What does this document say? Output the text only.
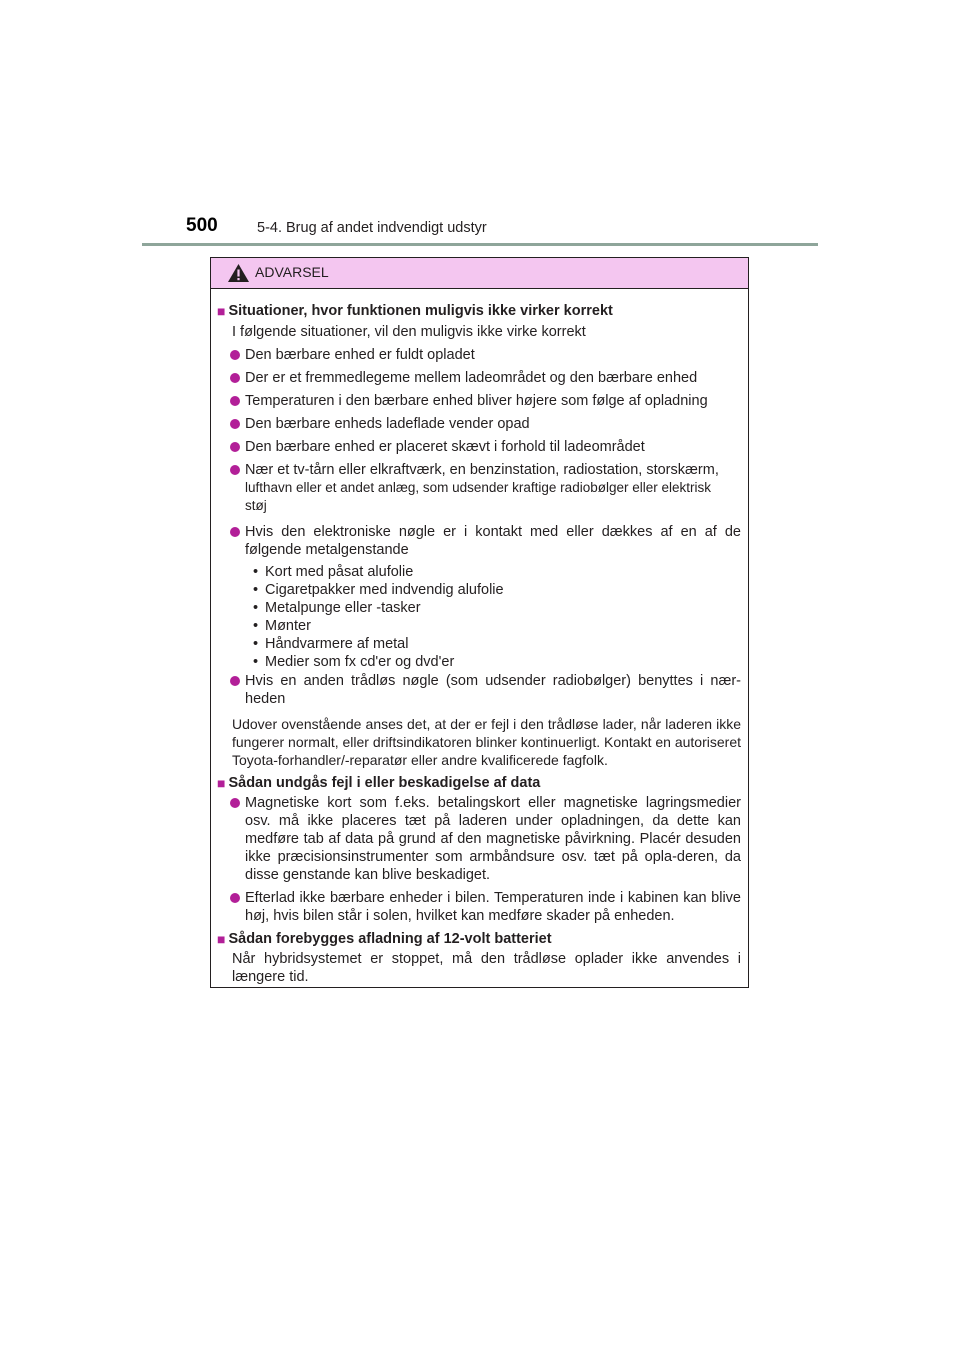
500	5-4. Brug af andet indvendigt udstyr
ADVARSEL
■ Situationer, hvor funktionen muligvis ikke virker korrekt
I følgende situationer, vil den muligvis ikke virke korrekt
Den bærbare enhed er fuldt opladet
Der er et fremmedlegeme mellem ladeområdet og den bærbare enhed
Temperaturen i den bærbare enhed bliver højere som følge af opladning
Den bærbare enheds ladeflade vender opad
Den bærbare enhed er placeret skævt i forhold til ladeområdet
Nær et tv-tårn eller elkraftværk, en benzinstation, radiostation, storskærm,
lufthavn eller et andet anlæg, som udsender kraftige radiobølger eller elektrisk
støj
Hvis den elektroniske nøgle er i kontakt med eller dækkes af en af de følgende metalgenstande
• Kort med påsat alufolie
• Cigaretpakker med indvendig alufolie
• Metalpunge eller -tasker
• Mønter
• Håndvarmere af metal
• Medier som fx cd'er og dvd'er
Hvis en anden trådløs nøgle (som udsender radiobølger) benyttes i nær-heden
Udover ovenstående anses det, at der er fejl i den trådløse lader, når laderen ikke fungerer normalt, eller driftsindikatoren blinker kontinuerligt. Kontakt en autoriseret Toyota-forhandler/-reparatør eller andre kvalificerede fagfolk.
■ Sådan undgås fejl i eller beskadigelse af data
Magnetiske kort som f.eks. betalingskort eller magnetiske lagringsmedier osv. må ikke placeres tæt på laderen under opladningen, da dette kan medføre tab af data på grund af den magnetiske påvirkning. Placér desuden ikke præcisionsinstrumenter som armbåndsure osv. tæt på opla-deren, da disse genstande kan blive beskadiget.
Efterlad ikke bærbare enheder i bilen. Temperaturen inde i kabinen kan blive høj, hvis bilen står i solen, hvilket kan medføre skader på enheden.
■ Sådan forebygges afladning af 12-volt batteriet
Når hybridsystemet er stoppet, må den trådløse oplader ikke anvendes i længere tid.
